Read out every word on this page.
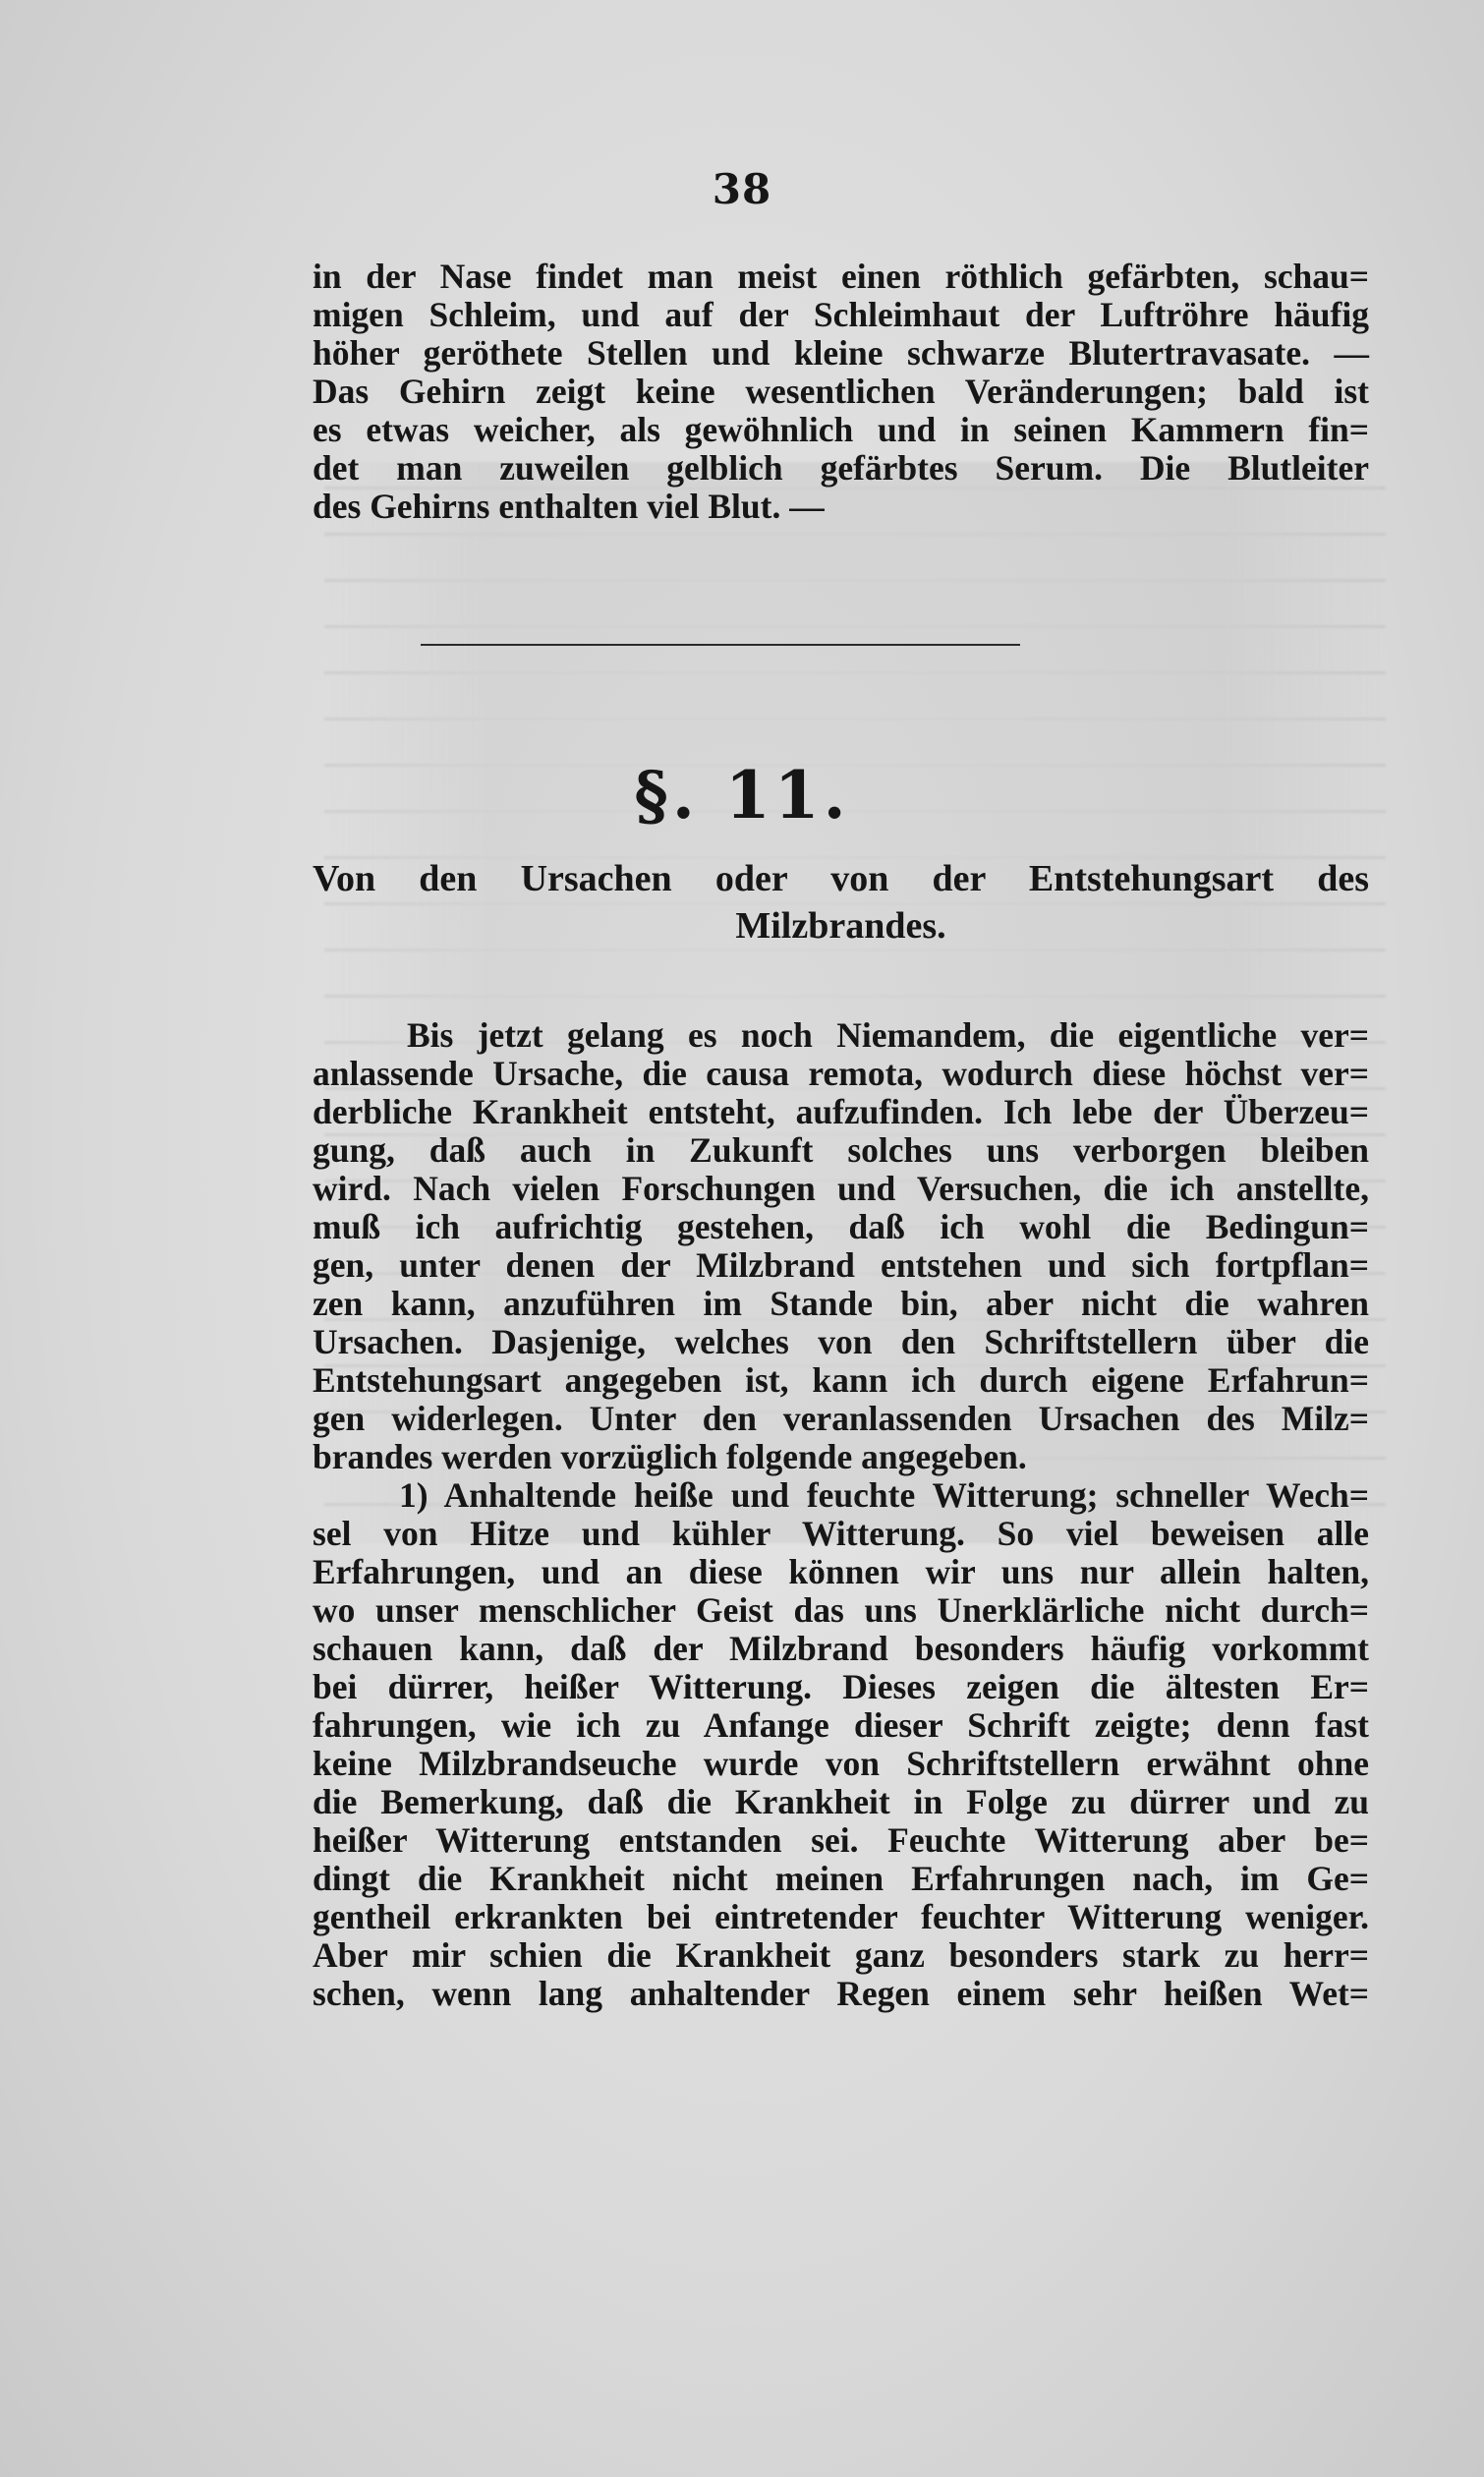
38
in der Nase findet man meist einen röthlich gefärbten, schau=
migen Schleim, und auf der Schleimhaut der Luftröhre häufig
höher geröthete Stellen und kleine schwarze Blutertravasate. —
Das Gehirn zeigt keine wesentlichen Veränderungen; bald ist
es etwas weicher, als gewöhnlich und in seinen Kammern fin=
det man zuweilen gelblich gefärbtes Serum. Die Blutleiter
des Gehirns enthalten viel Blut. —
§. 11.
Von den Ursachen oder von der Entstehungsart des
Milzbrandes.
Bis jetzt gelang es noch Niemandem, die eigentliche ver=
anlassende Ursache, die causa remota, wodurch diese höchst ver=
derbliche Krankheit entsteht, aufzufinden. Ich lebe der Überzeu=
gung, daß auch in Zukunft solches uns verborgen bleiben
wird. Nach vielen Forschungen und Versuchen, die ich anstellte,
muß ich aufrichtig gestehen, daß ich wohl die Bedingun=
gen, unter denen der Milzbrand entstehen und sich fortpflan=
zen kann, anzuführen im Stande bin, aber nicht die wahren
Ursachen. Dasjenige, welches von den Schriftstellern über die
Entstehungsart angegeben ist, kann ich durch eigene Erfahrun=
gen widerlegen. Unter den veranlassenden Ursachen des Milz=
brandes werden vorzüglich folgende angegeben.
1) Anhaltende heiße und feuchte Witterung; schneller Wech=
sel von Hitze und kühler Witterung. So viel beweisen alle
Erfahrungen, und an diese können wir uns nur allein halten,
wo unser menschlicher Geist das uns Unerklärliche nicht durch=
schauen kann, daß der Milzbrand besonders häufig vorkommt
bei dürrer, heißer Witterung. Dieses zeigen die ältesten Er=
fahrungen, wie ich zu Anfange dieser Schrift zeigte; denn fast
keine Milzbrandseuche wurde von Schriftstellern erwähnt ohne
die Bemerkung, daß die Krankheit in Folge zu dürrer und zu
heißer Witterung entstanden sei. Feuchte Witterung aber be=
dingt die Krankheit nicht meinen Erfahrungen nach, im Ge=
gentheil erkrankten bei eintretender feuchter Witterung weniger.
Aber mir schien die Krankheit ganz besonders stark zu herr=
schen, wenn lang anhaltender Regen einem sehr heißen Wet=
